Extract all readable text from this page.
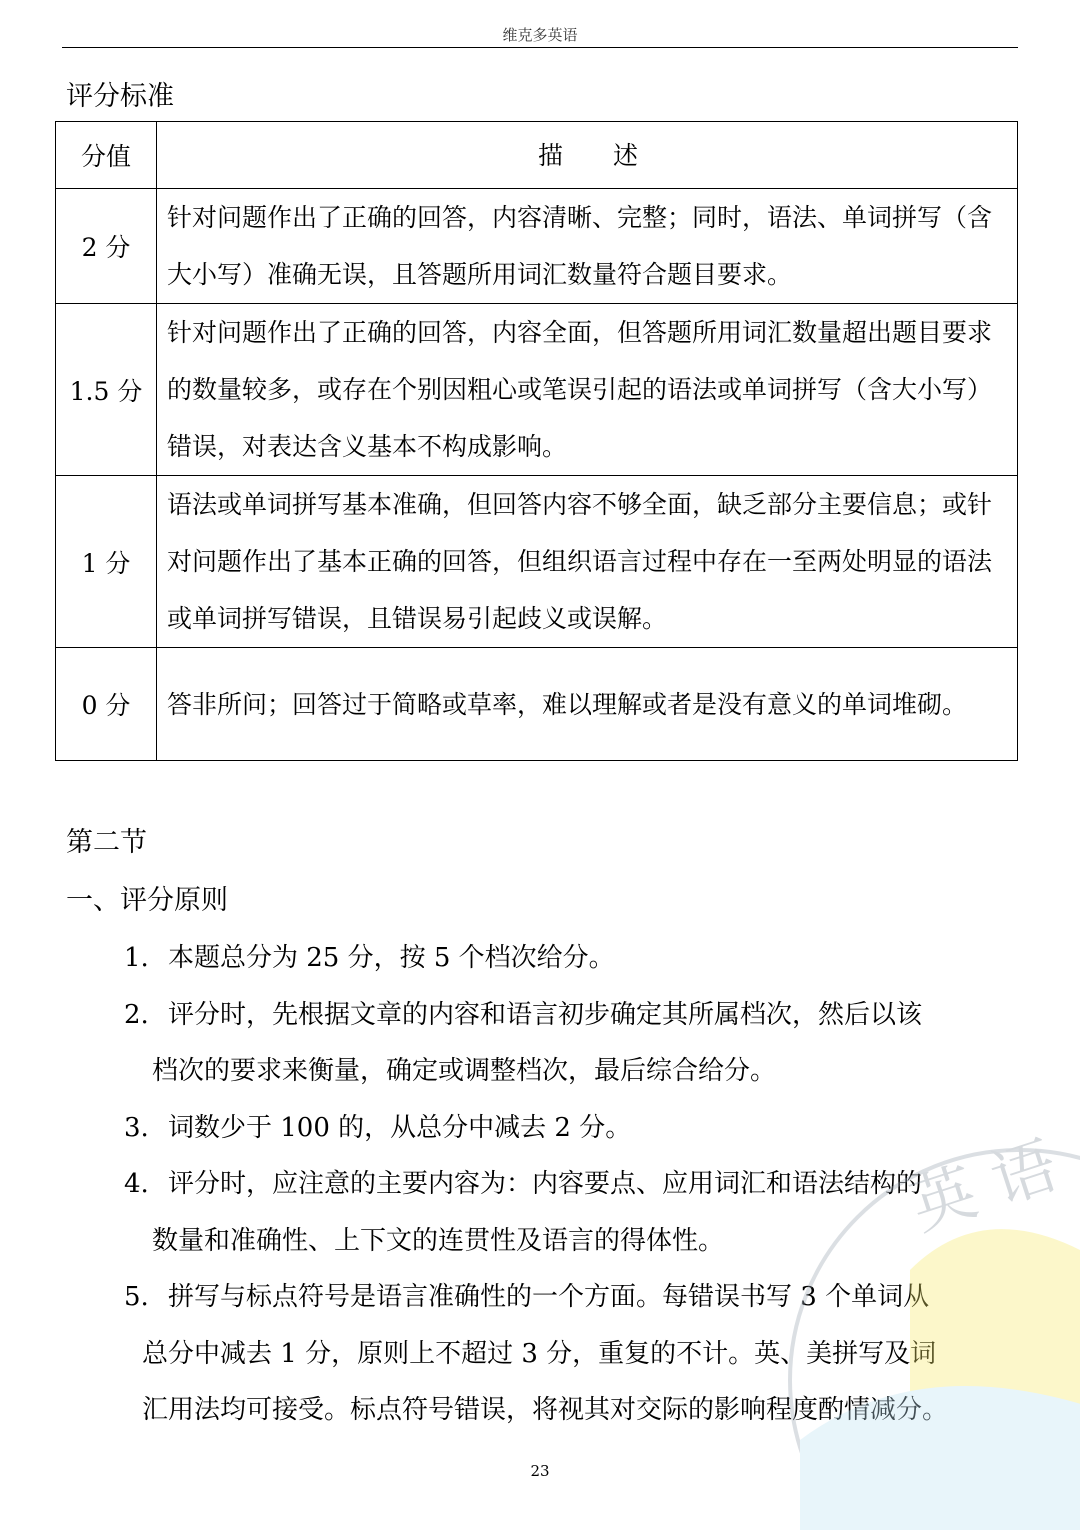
维克多英语
评分标准
分值	描　　述
2 分	针对问题作出了正确的回答，内容清晰、完整；同时，语法、单词拼写（含大小写）准确无误，且答题所用词汇数量符合题目要求。
1.5 分	针对问题作出了正确的回答，内容全面，但答题所用词汇数量超出题目要求的数量较多，或存在个别因粗心或笔误引起的语法或单词拼写（含大小写）错误，对表达含义基本不构成影响。
1 分	语法或单词拼写基本准确，但回答内容不够全面，缺乏部分主要信息；或针对问题作出了基本正确的回答，但组织语言过程中存在一至两处明显的语法或单词拼写错误，且错误易引起歧义或误解。
0 分	答非所问；回答过于简略或草率，难以理解或者是没有意义的单词堆砌。
第二节
一、评分原则
1. 本题总分为 25 分，按 5 个档次给分。
2. 评分时，先根据文章的内容和语言初步确定其所属档次，然后以该
档次的要求来衡量，确定或调整档次，最后综合给分。
3. 词数少于 100 的，从总分中减去 2 分。
4. 评分时，应注意的主要内容为：内容要点、应用词汇和语法结构的
数量和准确性、上下文的连贯性及语言的得体性。
5. 拼写与标点符号是语言准确性的一个方面。每错误书写 3 个单词从
总分中减去 1 分，原则上不超过 3 分，重复的不计。英、美拼写及词
汇用法均可接受。标点符号错误，将视其对交际的影响程度酌情减分。
英 语
23
